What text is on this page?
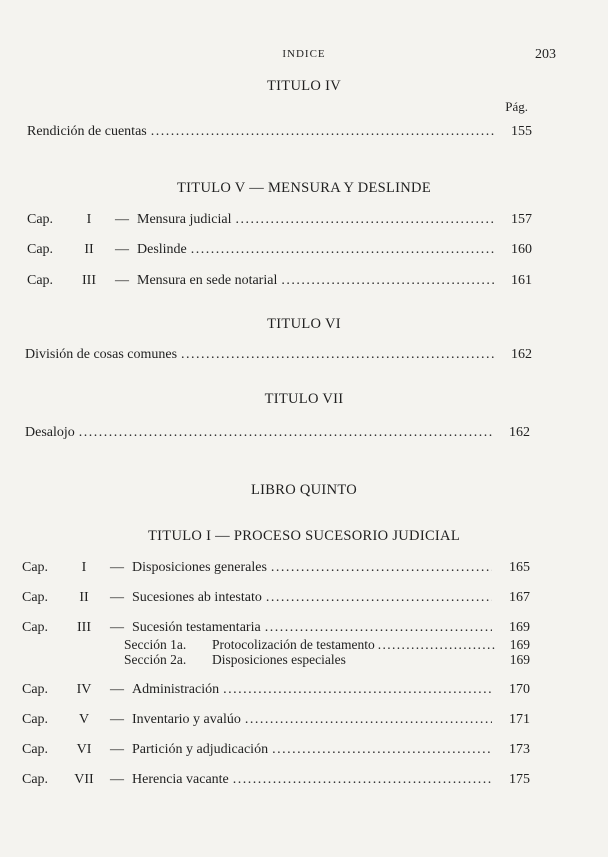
INDICE	203
TITULO IV
Pág.
Rendición de cuentas . . .	155
TITULO V — MENSURA Y DESLINDE
Cap.	I	— Mensura judicial . . .	157
Cap.	II	— Deslinde . . .	160
Cap.	III	— Mensura en sede notarial . . .	161
TITULO VI
División de cosas comunes . . .	162
TITULO VII
Desalojo . . .	162
LIBRO QUINTO
TITULO I — PROCESO SUCESORIO JUDICIAL
Cap.	I	— Disposiciones generales . . .	165
Cap.	II	— Sucesiones ab intestato . . .	167
Cap.	III	— Sucesión testamentaria . . .	169
Sección 1a.	Protocolización de testamento . . .	169
Sección 2a.	Disposiciones especiales	169
Cap.	IV	— Administración . . .	170
Cap.	V	— Inventario y avalúo . . .	171
Cap.	VI	— Partición y adjudicación . . .	173
Cap.	VII	— Herencia vacante . . .	175
